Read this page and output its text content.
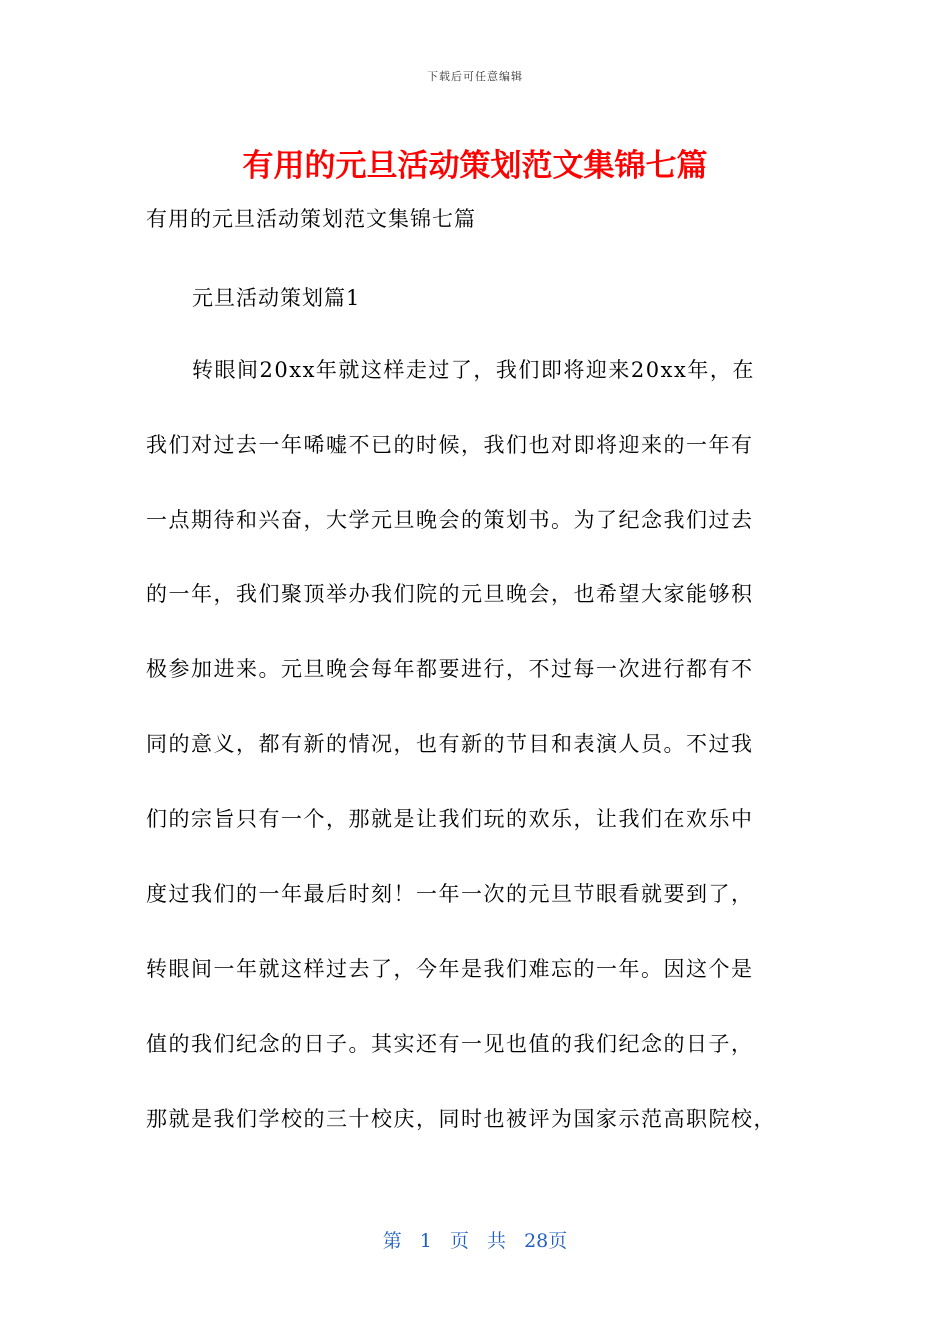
下载后可任意编辑
有用的元旦活动策划范文集锦七篇
有用的元旦活动策划范文集锦七篇
元旦活动策划篇1
转眼间20xx年就这样走过了，我们即将迎来20xx年，在
我们对过去一年唏嘘不已的时候，我们也对即将迎来的一年有
一点期待和兴奋，大学元旦晚会的策划书。为了纪念我们过去
的一年，我们聚顶举办我们院的元旦晚会，也希望大家能够积
极参加进来。元旦晚会每年都要进行，不过每一次进行都有不
同的意义，都有新的情况，也有新的节目和表演人员。不过我
们的宗旨只有一个，那就是让我们玩的欢乐，让我们在欢乐中
度过我们的一年最后时刻！一年一次的元旦节眼看就要到了，
转眼间一年就这样过去了，今年是我们难忘的一年。因这个是
值的我们纪念的日子。其实还有一见也值的我们纪念的日子，
那就是我们学校的三十校庆，同时也被评为国家示范高职院校，
第 1 页 共 28页
